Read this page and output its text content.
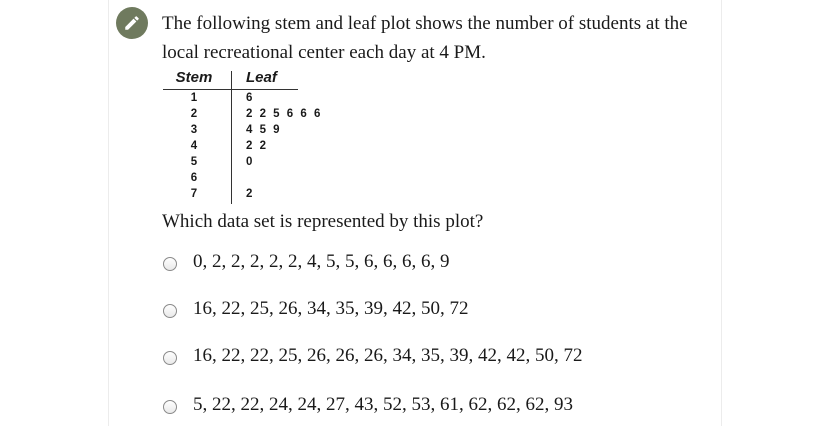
The following stem and leaf plot shows the number of students at the
local recreational center each day at 4 PM.

Stem	Leaf
1	6
2	2 2 5 6 6 6
3	4 5 9
4	2 2
5	0
6
7	2

Which data set is represented by this plot?

0, 2, 2, 2, 2, 2, 4, 5, 5, 6, 6, 6, 6, 9
16, 22, 25, 26, 34, 35, 39, 42, 50, 72
16, 22, 22, 25, 26, 26, 26, 34, 35, 39, 42, 42, 50, 72
5, 22, 22, 24, 24, 27, 43, 52, 53, 61, 62, 62, 62, 93
